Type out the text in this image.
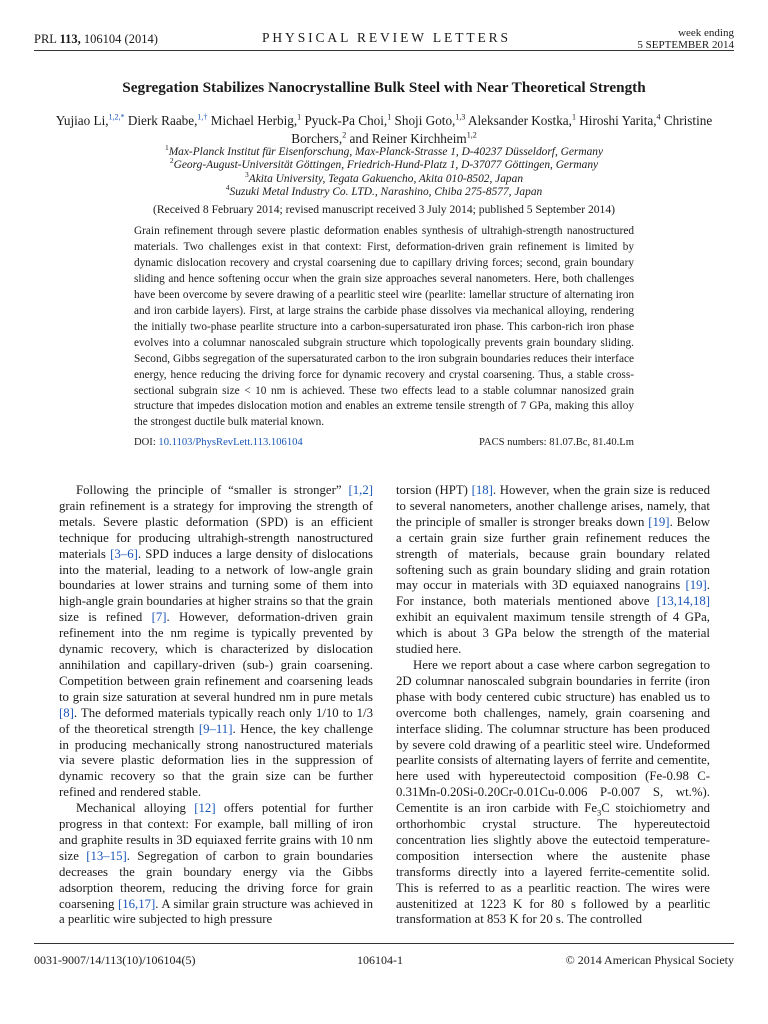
PRL 113, 106104 (2014)	PHYSICAL REVIEW LETTERS	week ending
5 SEPTEMBER 2014
Segregation Stabilizes Nanocrystalline Bulk Steel with Near Theoretical Strength
Yujiao Li,$^{1,2,*}$ Dierk Raabe,$^{1,\dagger}$ Michael Herbig,$^1$ Pyuck-Pa Choi,$^1$ Shoji Goto,$^{1,3}$ Aleksander Kostka,$^1$ Hiroshi Yarita,$^4$ Christine Borchers,$^2$ and Reiner Kirchheim$^{1,2}$
$^1$Max-Planck Institut für Eisenforschung, Max-Planck-Strasse 1, D-40237 Düsseldorf, Germany
$^2$Georg-August-Universität Göttingen, Friedrich-Hund-Platz 1, D-37077 Göttingen, Germany
$^3$Akita University, Tegata Gakuencho, Akita 010-8502, Japan
$^4$Suzuki Metal Industry Co. LTD., Narashino, Chiba 275-8577, Japan
(Received 8 February 2014; revised manuscript received 3 July 2014; published 5 September 2014)
Grain refinement through severe plastic deformation enables synthesis of ultrahigh-strength nanostructured materials. Two challenges exist in that context: First, deformation-driven grain refinement is limited by dynamic dislocation recovery and crystal coarsening due to capillary driving forces; second, grain boundary sliding and hence softening occur when the grain size approaches several nanometers. Here, both challenges have been overcome by severe drawing of a pearlitic steel wire (pearlite: lamellar structure of alternating iron and iron carbide layers). First, at large strains the carbide phase dissolves via mechanical alloying, rendering the initially two-phase pearlite structure into a carbon-supersaturated iron phase. This carbon-rich iron phase evolves into a columnar nanoscaled subgrain structure which topologically prevents grain boundary sliding. Second, Gibbs segregation of the supersaturated carbon to the iron subgrain boundaries reduces their interface energy, hence reducing the driving force for dynamic recovery and crystal coarsening. Thus, a stable cross-sectional subgrain size < 10 nm is achieved. These two effects lead to a stable columnar nanosized grain structure that impedes dislocation motion and enables an extreme tensile strength of 7 GPa, making this alloy the strongest ductile bulk material known.
DOI: 10.1103/PhysRevLett.113.106104	PACS numbers: 81.07.Bc, 81.40.Lm

Following the principle of “smaller is stronger” [1,2] grain refinement is a strategy for improving the strength of metals. Severe plastic deformation (SPD) is an efficient technique for producing ultrahigh-strength nanostructured materials [3–6]. SPD induces a large density of dislocations into the material, leading to a network of low-angle grain boundaries at lower strains and turning some of them into high-angle grain boundaries at higher strains so that the grain size is refined [7]. However, deformation-driven grain refinement into the nm regime is typically prevented by dynamic recovery, which is characterized by dislocation annihilation and capillary-driven (sub-) grain coarsening. Competition between grain refinement and coarsening leads to grain size saturation at several hundred nm in pure metals [8]. The deformed materials typically reach only 1/10 to 1/3 of the theoretical strength [9–11]. Hence, the key challenge in producing mechanically strong nanostructured materials via severe plastic deformation lies in the suppression of dynamic recovery so that the grain size can be further refined and rendered stable.

Mechanical alloying [12] offers potential for further progress in that context: For example, ball milling of iron and graphite results in 3D equiaxed ferrite grains with 10 nm size [13–15]. Segregation of carbon to grain boundaries decreases the grain boundary energy via the Gibbs adsorption theorem, reducing the driving force for grain coarsening [16,17]. A similar grain structure was achieved in a pearlitic wire subjected to high pressure

torsion (HPT) [18]. However, when the grain size is reduced to several nanometers, another challenge arises, namely, that the principle of smaller is stronger breaks down [19]. Below a certain grain size further grain refinement reduces the strength of materials, because grain boundary related softening such as grain boundary sliding and grain rotation may occur in materials with 3D equiaxed nanograins [19]. For instance, both materials mentioned above [13,14,18] exhibit an equivalent maximum tensile strength of 4 GPa, which is about 3 GPa below the strength of the material studied here.

Here we report about a case where carbon segregation to 2D columnar nanoscaled subgrain boundaries in ferrite (iron phase with body centered cubic structure) has enabled us to overcome both challenges, namely, grain coarsening and interface sliding. The columnar structure has been produced by severe cold drawing of a pearlitic steel wire. Undeformed pearlite consists of alternating layers of ferrite and cementite, here used with hypereutectoid composition (Fe-0.98 C-0.31Mn-0.20Si-0.20Cr-0.01Cu-0.006 P-0.007 S, wt.%). Cementite is an iron carbide with $Fe_3C$ stoichiometry and orthorhombic crystal structure. The hypereutectoid concentration lies slightly above the eutectoid temperature-composition intersection where the austenite phase transforms directly into a layered ferrite-cementite solid. This is referred to as a pearlitic reaction. The wires were austenitized at 1223 K for 80 s followed by a pearlitic transformation at 853 K for 20 s. The controlled

0031-9007/14/113(10)/106104(5)	106104-1	© 2014 American Physical Society
